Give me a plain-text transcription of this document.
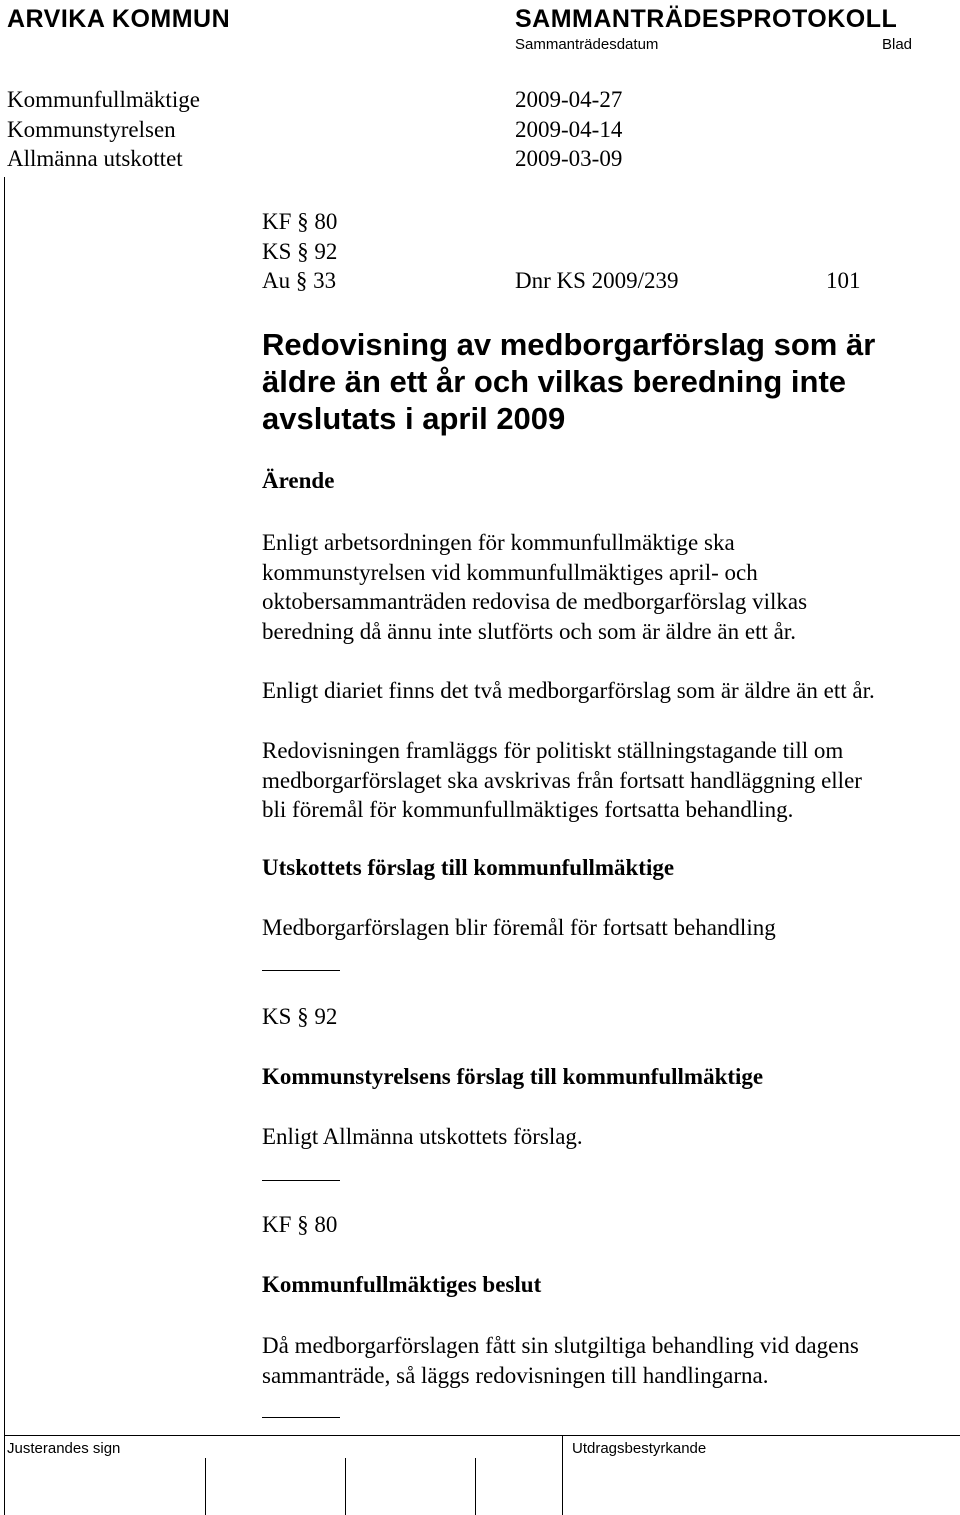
ARVIKA KOMMUN	SAMMANTRÄDESPROTOKOLL
Sammanträdesdatum	Blad
Kommunfullmäktige	2009-04-27
Kommunstyrelsen	2009-04-14
Allmänna utskottet	2009-03-09
KF § 80
KS § 92
Au § 33	Dnr KS 2009/239	101
Redovisning av medborgarförslag som är
äldre än ett år och vilkas beredning inte
avslutats i april 2009
Ärende
Enligt arbetsordningen för kommunfullmäktige ska
kommunstyrelsen vid kommunfullmäktiges april- och
oktobersammanträden redovisa de medborgarförslag vilkas
beredning då ännu inte slutförts och som är äldre än ett år.
Enligt diariet finns det två medborgarförslag som är äldre än ett år.
Redovisningen framläggs för politiskt ställningstagande till om
medborgarförslaget ska avskrivas från fortsatt handläggning eller
bli föremål för kommunfullmäktiges fortsatta behandling.
Utskottets förslag till kommunfullmäktige
Medborgarförslagen blir föremål för fortsatt behandling
KS § 92
Kommunstyrelsens förslag till kommunfullmäktige
Enligt Allmänna utskottets förslag.
KF § 80
Kommunfullmäktiges beslut
Då medborgarförslagen fått sin slutgiltiga behandling vid dagens
sammanträde, så läggs redovisningen till handlingarna.
Justerandes sign	Utdragsbestyrkande
